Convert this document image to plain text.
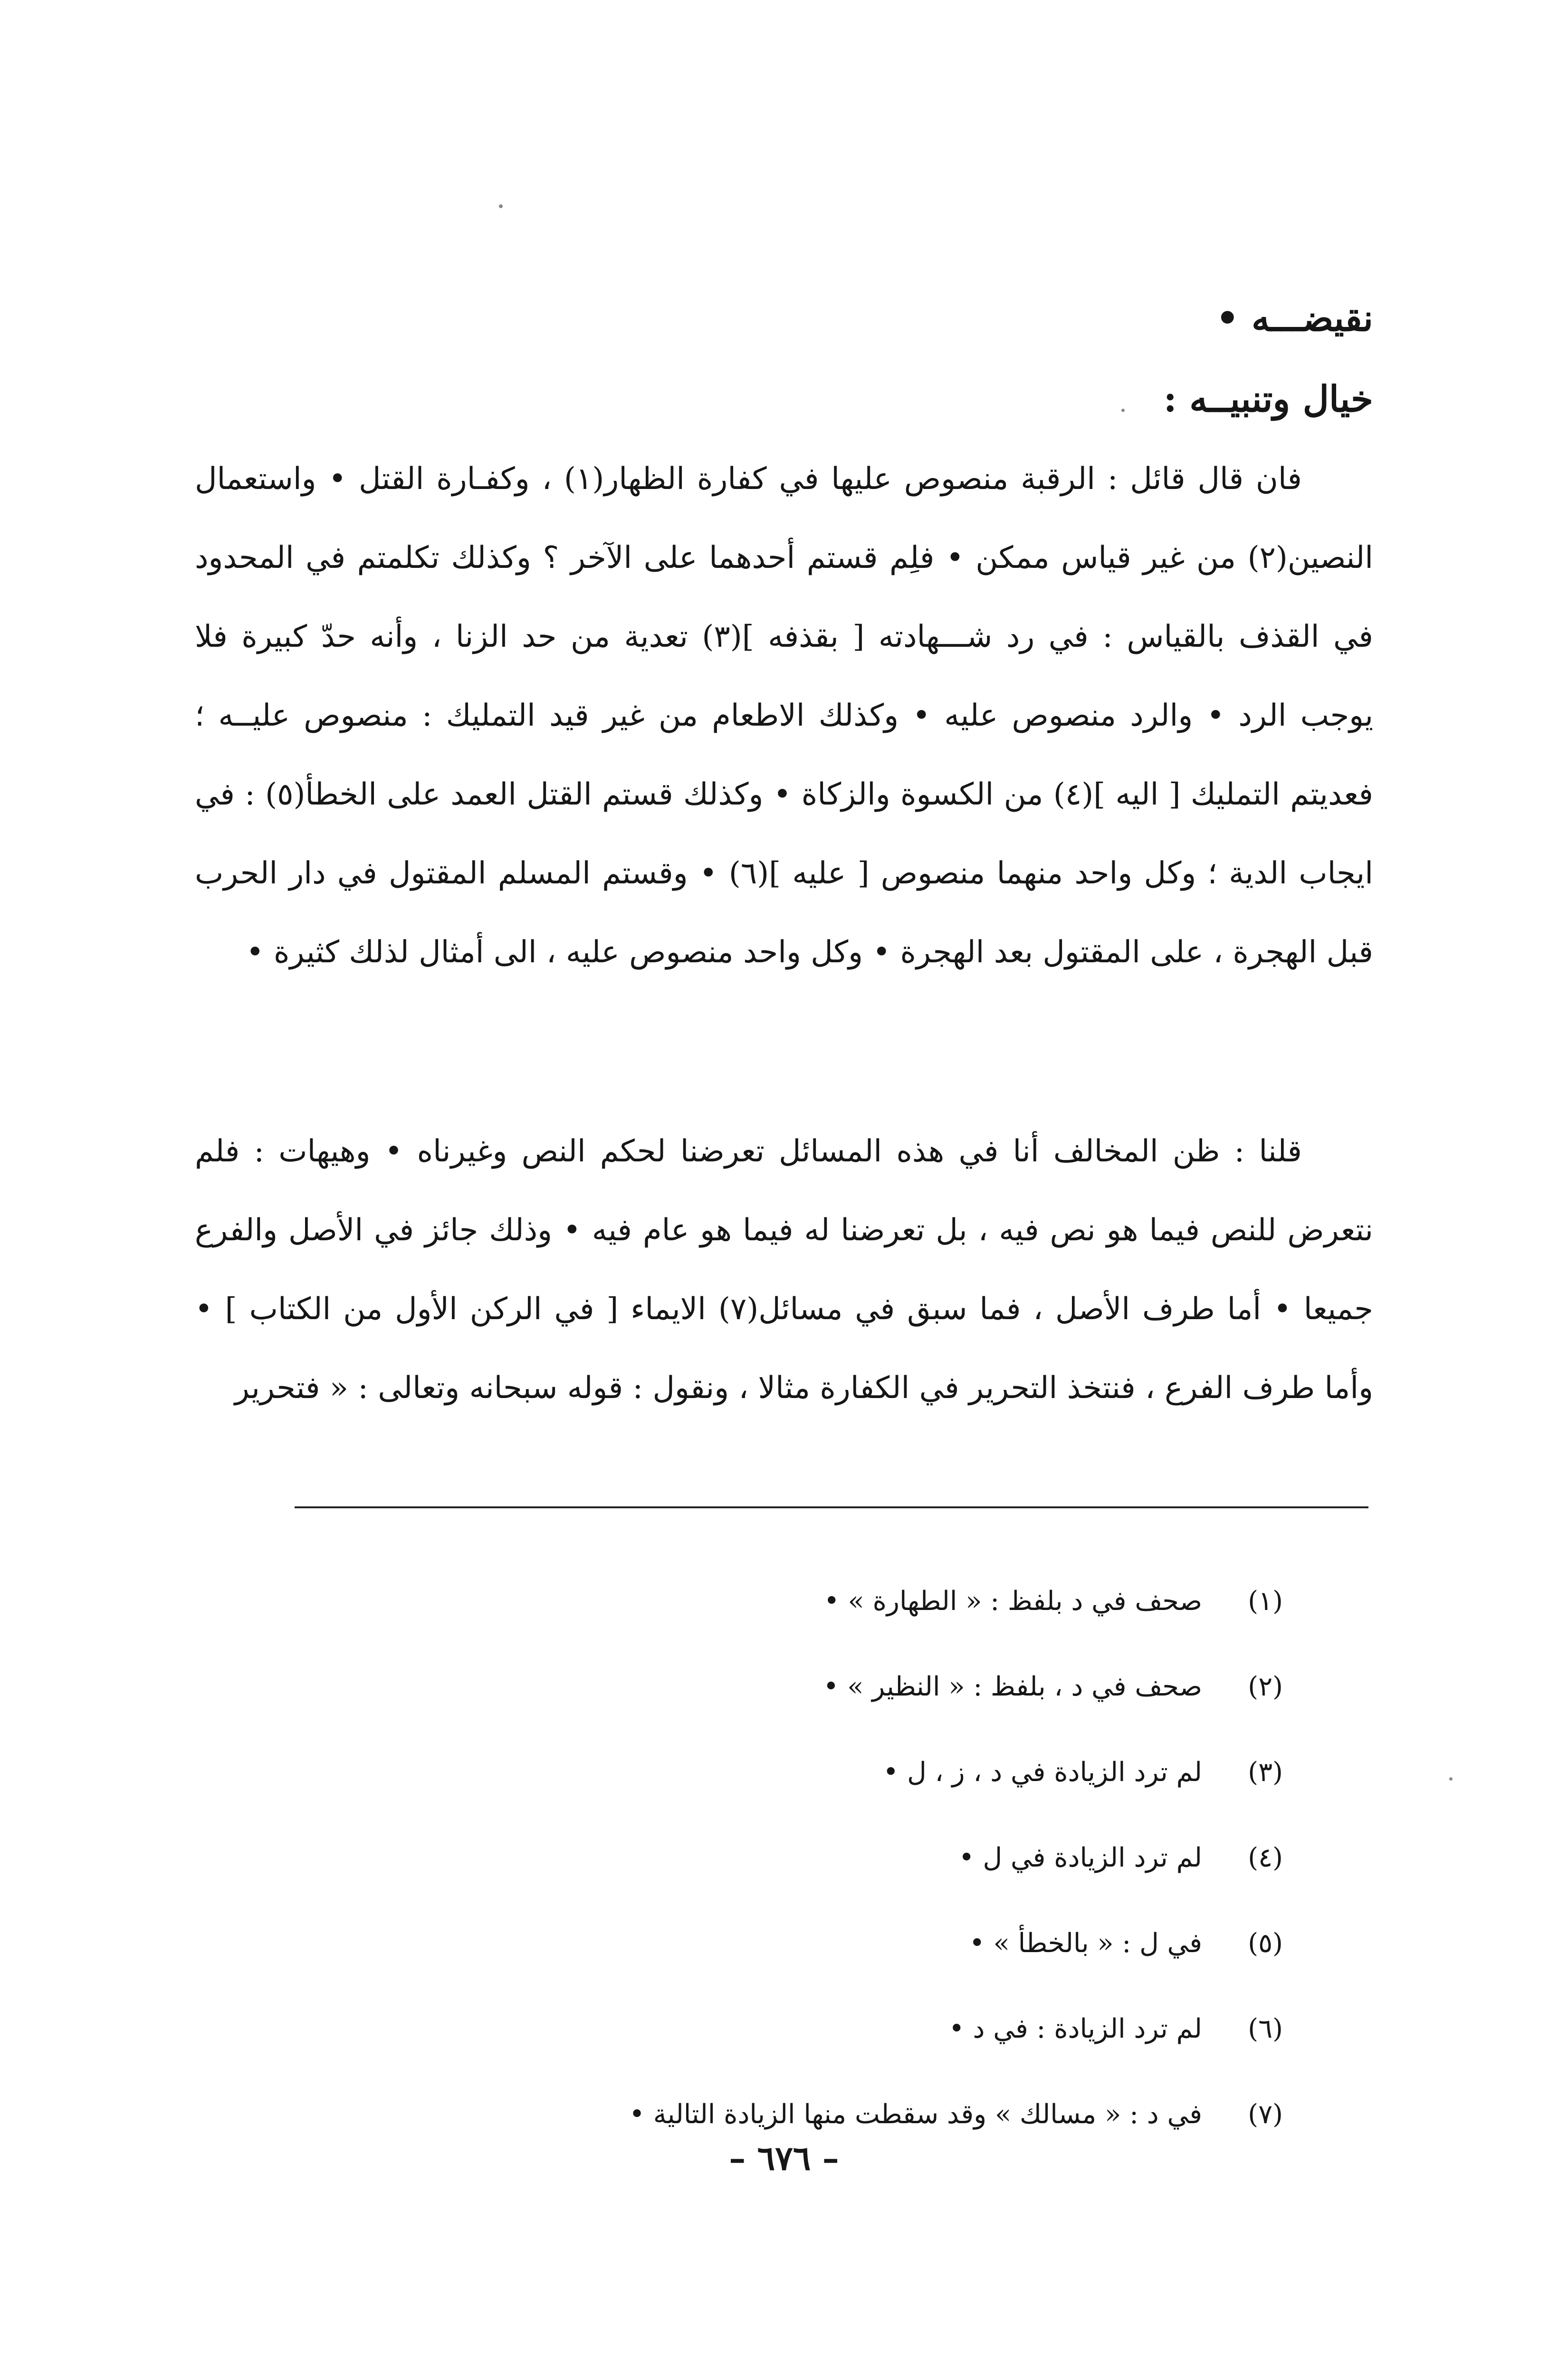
نقيضـــه •
خيال وتنبيــه :

فان قال قائل : الرقبة منصوص عليها في كفارة الظهار(١) ، وكفـارة القتل • واستعمال النصين(٢) من غير قياس ممكن • فلِم قستم أحدهما على الآخر ؟ وكذلك تكلمتم في المحدود في القذف بالقياس : في رد شـــهادته [ بقذفه ](٣) تعدية من حد الزنا ، وأنه حدّ كبيرة فلا يوجب الرد • والرد منصوص عليه • وكذلك الاطعام من غير قيد التمليك : منصوص عليــه ؛ فعديتم التمليك [ اليه ](٤) من الكسوة والزكاة • وكذلك قستم القتل العمد على الخطأ(٥) : في ايجاب الدية ؛ وكل واحد منهما منصوص [ عليه ](٦) • وقستم المسلم المقتول في دار الحرب قبل الهجرة ، على المقتول بعد الهجرة • وكل واحد منصوص عليه ، الى أمثال لذلك كثيرة •

قلنا : ظن المخالف أنا في هذه المسائل تعرضنا لحكم النص وغيرناه • وهيهات : فلم نتعرض للنص فيما هو نص فيه ، بل تعرضنا له فيما هو عام فيه • وذلك جائز في الأصل والفرع جميعا • أما طرف الأصل ، فما سبق في مسائل(٧) الايماء [ في الركن الأول من الكتاب ] • وأما طرف الفرع ، فنتخذ التحرير في الكفارة مثالا ، ونقول : قوله سبحانه وتعالى : « فتحرير

(١)صحف في د بلفظ : « الطهارة » •
(٢)صحف في د ، بلفظ : « النظير » •
(٣)لم ترد الزيادة في د ، ز ، ل •
(٤)لم ترد الزيادة في ل •
(٥)في ل : « بالخطأ » •
(٦)لم ترد الزيادة : في د •
(٧)في د : « مسالك » وقد سقطت منها الزيادة التالية •
– ٦٧٦ –
